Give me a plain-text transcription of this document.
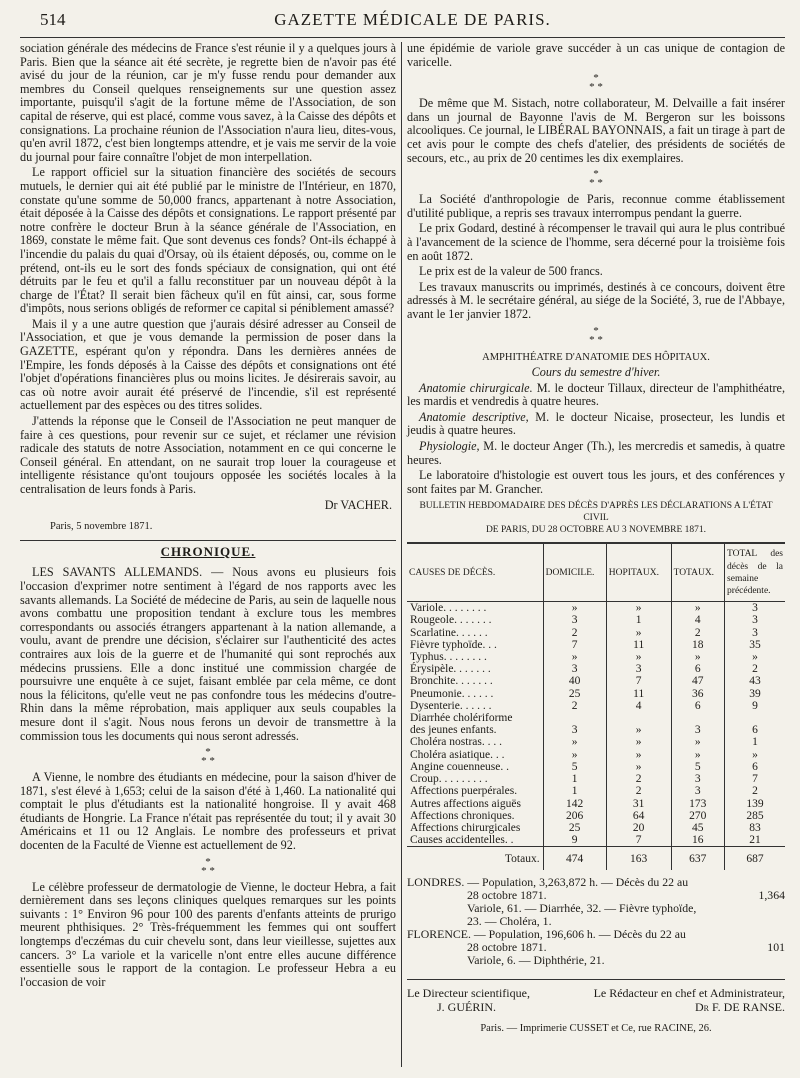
514	GAZETTE MÉDICALE DE PARIS.

sociation générale des médecins de France s'est réunie il y a quelques jours à Paris. Bien que la séance ait été secrète, je regrette bien de n'avoir pas été avisé du jour de la réunion, car je m'y fusse rendu pour demander aux membres du Conseil quelques renseignements sur une question assez importante, puisqu'il s'agit de la fortune même de l'Association, de son capital de réserve, qui est placé, comme vous savez, à la Caisse des dépôts et consignations. La prochaine réunion de l'Association n'aura lieu, dites-vous, qu'en avril 1872, c'est bien longtemps attendre, et je vais me servir de la voie du journal pour faire connaître l'objet de mon interpellation.

Le rapport officiel sur la situation financière des sociétés de secours mutuels, le dernier qui ait été publié par le ministre de l'Intérieur, en 1870, constate qu'une somme de 50,000 francs, appartenant à notre Association, était déposée à la Caisse des dépôts et consignations. Le rapport présenté par notre confrère le docteur Brun à la séance générale de l'Association, en 1869, constate le même fait. Que sont devenus ces fonds? Ont-ils échappé à l'incendie du palais du quai d'Orsay, où ils étaient déposés, ou, comme on le prétend, ont-ils eu le sort des fonds spéciaux de consignation, qui ont été détruits par le feu et qu'il a fallu reconstituer par un nouveau dépôt à la charge de l'État? Il serait bien fâcheux qu'il en fût ainsi, car, sous forme d'impôts, nous serions obligés de reformer ce capital si péniblement amassé?

Mais il y a une autre question que j'aurais désiré adresser au Conseil de l'Association, et que je vous demande la permission de poser dans la GAZETTE, espérant qu'on y répondra. Dans les dernières années de l'Empire, les fonds déposés à la Caisse des dépôts et consignations ont été l'objet d'opérations financières plus ou moins licites. Je désirerais savoir, au cas où notre avoir aurait été préservé de l'incendie, s'il est représenté actuellement par des espèces ou des titres solides.

J'attends la réponse que le Conseil de l'Association ne peut manquer de faire à ces questions, pour revenir sur ce sujet, et réclamer une révision radicale des statuts de notre Association, notamment en ce qui concerne le Conseil général. En attendant, on ne saurait trop louer la courageuse et intelligente résistance qu'ont toujours opposée les sociétés locales à la centralisation de leurs fonds à Paris.

Dr VACHER.
Paris, 5 novembre 1871.
CHRONIQUE.

LES SAVANTS ALLEMANDS. — Nous avons eu plusieurs fois l'occasion d'exprimer notre sentiment à l'égard de nos rapports avec les savants allemands. La Société de médecine de Paris, au sein de laquelle nous avons combattu une proposition tendant à exclure tous les membres correspondants ou associés étrangers appartenant à la nation allemande, a voulu, avant de prendre une décision, s'éclairer sur l'authenticité des actes contraires aux lois de la guerre et de l'humanité qui sont reprochés aux médecins prussiens. Elle a donc institué une commission chargée de poursuivre une enquête à ce sujet, faisant emblée par cela même, ce dont nous la félicitons, qu'elle veut ne pas confondre tous les médecins d'outre-Rhin dans la même réprobation, mais appliquer aux seuls coupables la mesure dont il s'agit. Nous nous ferons un devoir de transmettre à la commission tous les documents qui nous seront adressés.

*
* *

A Vienne, le nombre des étudiants en médecine, pour la saison d'hiver de 1871, s'est élevé à 1,653; celui de la saison d'été à 1,460. La nationalité qui comptait le plus d'étudiants est la nationalité hongroise. Il y avait 468 étudiants de Hongrie. La France n'était pas représentée du tout; il y avait 30 Américains et 11 ou 12 Anglais. Le nombre des professeurs et privat docenten de la Faculté de Vienne est actuellement de 92.

*
* *

Le célèbre professeur de dermatologie de Vienne, le docteur Hebra, a fait dernièrement dans ses leçons cliniques quelques remarques sur les points suivants : 1° Environ 96 pour 100 des parents d'enfants atteints de prurigo meurent phthisiques. 2° Très-fréquemment les femmes qui ont souffert longtemps d'eczémas du cuir chevelu sont, dans leur vieillesse, sujettes aux cancers. 3° La variole et la varicelle n'ont entre elles aucune différence essentielle sous le rapport de la contagion. Le professeur Hebra a eu l'occasion de voir

une épidémie de variole grave succéder à un cas unique de contagion de varicelle.

*
* *

De même que M. Sistach, notre collaborateur, M. Delvaille a fait insérer dans un journal de Bayonne l'avis de M. Bergeron sur les boissons alcooliques. Ce journal, le LIBÉRAL BAYONNAIS, a fait un tirage à part de cet avis pour le compte des chefs d'atelier, des présidents de sociétés de secours, etc., au prix de 20 centimes les dix exemplaires.

*
* *

La Société d'anthropologie de Paris, reconnue comme établissement d'utilité publique, a repris ses travaux interrompus pendant la guerre.

Le prix Godard, destiné à récompenser le travail qui aura le plus contribué à l'avancement de la science de l'homme, sera décerné pour la troisième fois en août 1872.

Le prix est de la valeur de 500 francs.

Les travaux manuscrits ou imprimés, destinés à ce concours, doivent être adressés à M. le secrétaire général, au siége de la Société, 3, rue de l'Abbaye, avant le 1er janvier 1872.

*
* *
AMPHITHÉATRE D'ANATOMIE DES HÔPITAUX.
Cours du semestre d'hiver.

Anatomie chirurgicale. M. le docteur Tillaux, directeur de l'amphithéatre, les mardis et vendredis à quatre heures.

Anatomie descriptive, M. le docteur Nicaise, prosecteur, les lundis et jeudis à quatre heures.

Physiologie, M. le docteur Anger (Th.), les mercredis et samedis, à quatre heures.

Le laboratoire d'histologie est ouvert tous les jours, et des conférences y sont faites par M. Grancher.

BULLETIN HEBDOMADAIRE DES DÉCÈS D'APRÈS LES DÉCLARATIONS A L'ÉTAT CIVIL
DE PARIS, DU 28 OCTOBRE AU 3 NOVEMBRE 1871.
CAUSES DE DÉCÈS.	DOMICILE.	HOPITAUX.	TOTAUX.	TOTAL des décès de la semaine précédente.
Variole. . . . . . . .	»	»	»	3
Rougeole. . . . . . .	3	1	4	3
Scarlatine. . . . . .	2	»	2	3
Fièvre typhoïde. . .	7	11	18	35
Typhus. . . . . . . .	»	»	»	»
Érysipèle. . . . . . .	3	3	6	2
Bronchite. . . . . . .	40	7	47	43
Pneumonie. . . . . .	25	11	36	39
Dysenterie. . . . . .	2	4	6	9
Diarrhée cholériforme				
des jeunes enfants.	3	»	3	6
Choléra nostras. . . .	»	»	»	1
Choléra asiatique. . .	»	»	»	»
Angine couenneuse. .	5	»	5	6
Croup. . . . . . . . .	1	2	3	7
Affections puerpérales.	1	2	3	2
Autres affections aiguës	142	31	173	139
Affections chroniques.	206	64	270	285
Affections chirurgicales	25	20	45	83
Causes accidentelles. .	9	7	16	21
Totaux.	474	163	637	687
LONDRES. — Population, 3,263,872 h. — Décès du 22 au
28 octobre 1871.	1,364
Variole, 61. — Diarrhée, 32. — Fièvre typhoïde,
23. — Choléra, 1.
FLORENCE. — Population, 196,606 h. — Décès du 22 au
28 octobre 1871.	101
Variole, 6. — Diphthérie, 21.
Le Directeur scientifique,
J. GUÉRIN.
Le Rédacteur en chef et Administrateur,
Dr F. DE RANSE.
Paris. — Imprimerie CUSSET et Ce, rue RACINE, 26.
